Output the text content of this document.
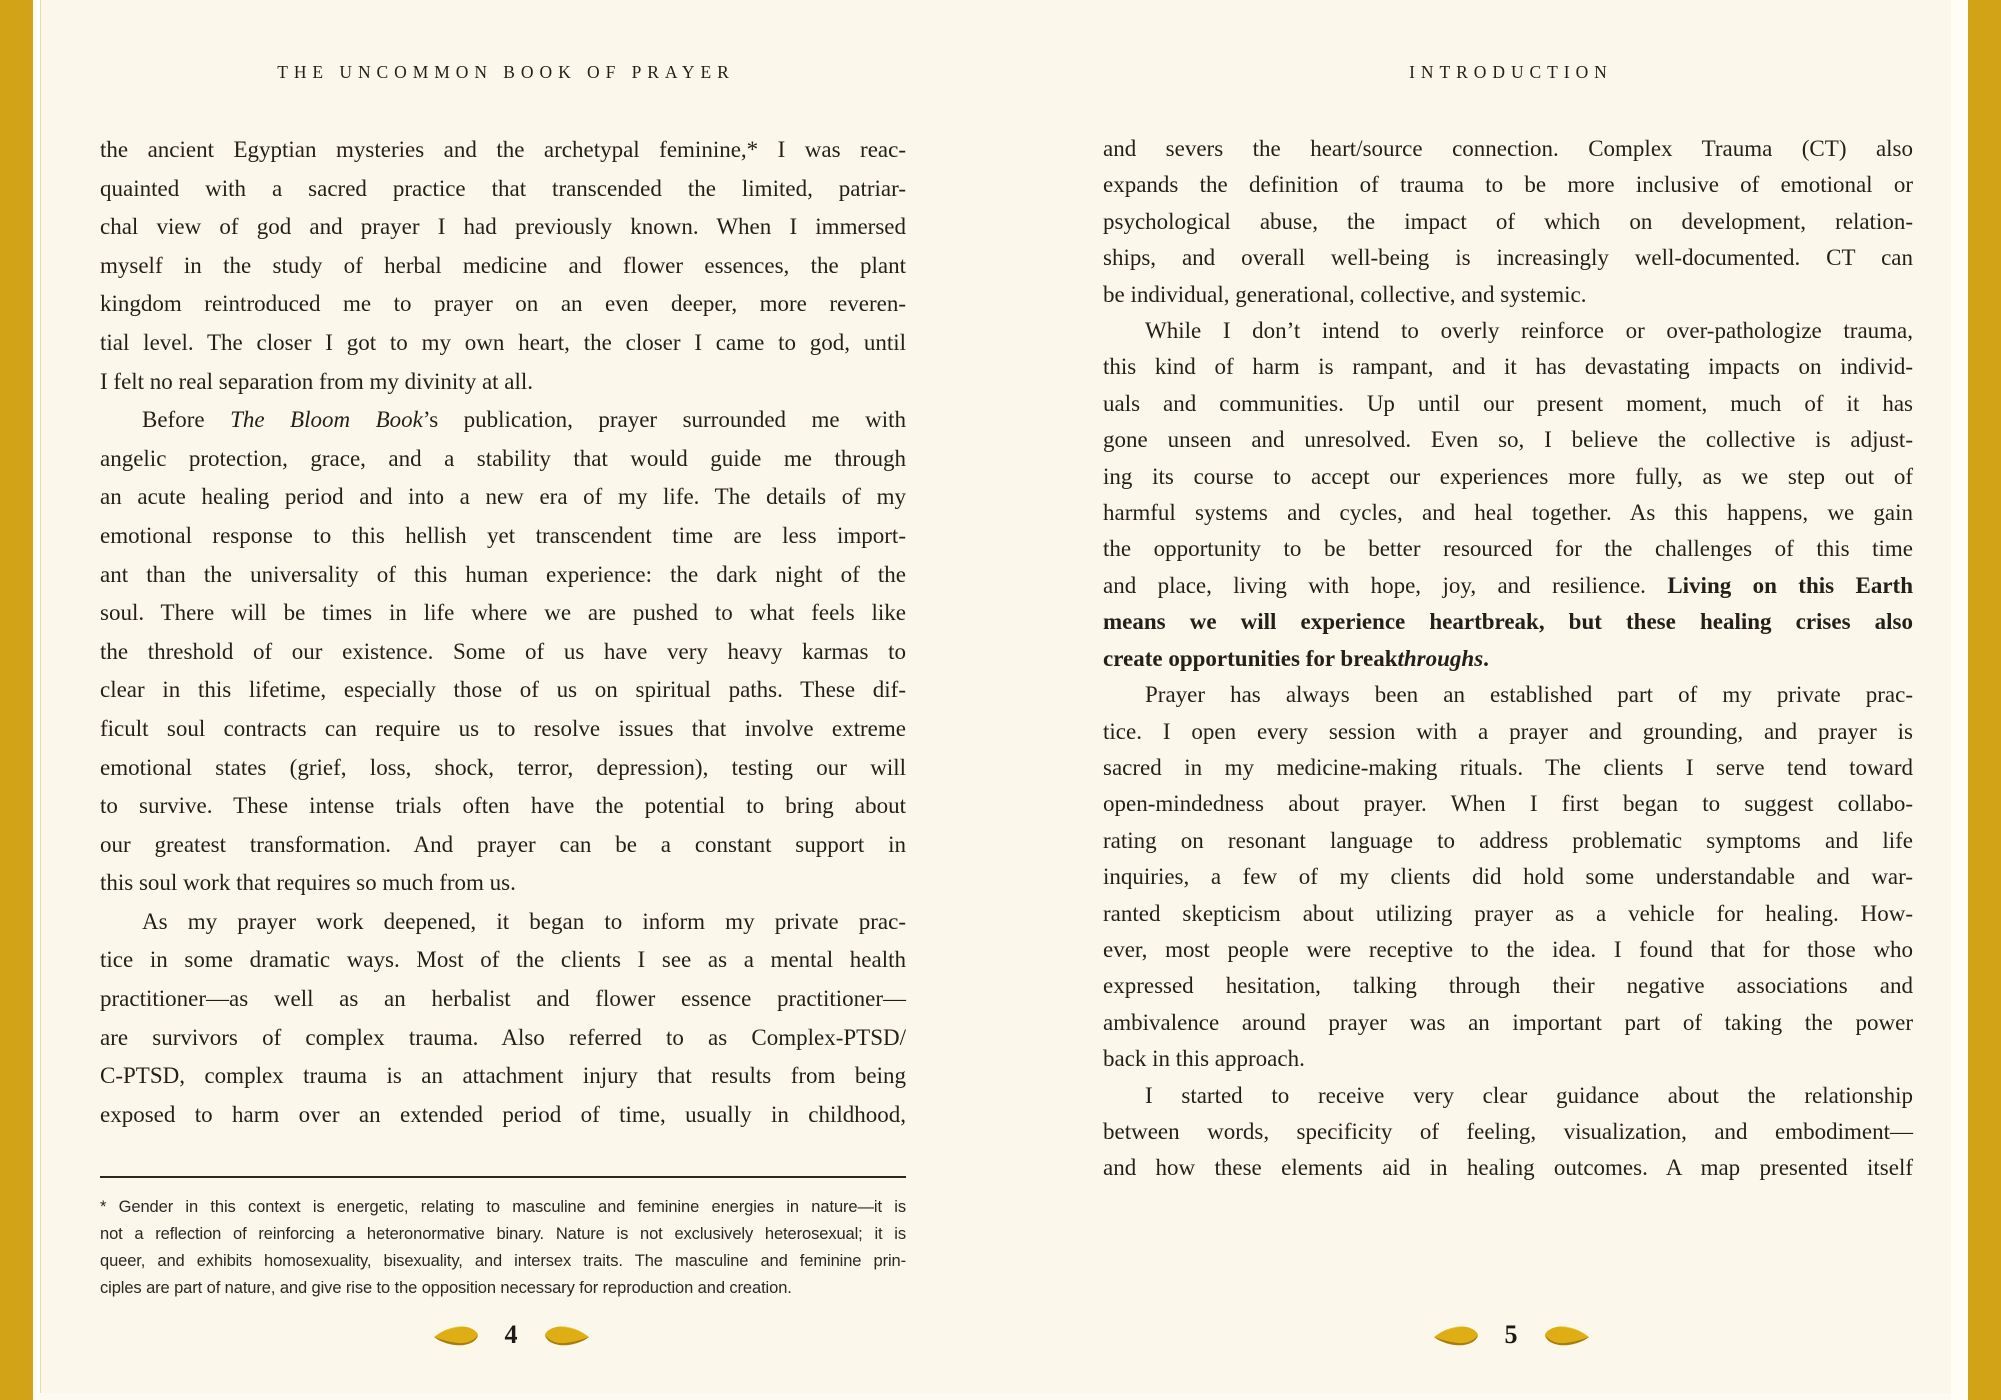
THE UNCOMMON BOOK OF PRAYER
the ancient Egyptian mysteries and the archetypal feminine,* I was reac-
quainted with a sacred practice that transcended the limited, patriar-
chal view of god and prayer I had previously known. When I immersed
myself in the study of herbal medicine and flower essences, the plant
kingdom reintroduced me to prayer on an even deeper, more reveren-
tial level. The closer I got to my own heart, the closer I came to god, until
I felt no real separation from my divinity at all.
Before The Bloom Book’s publication, prayer surrounded me with
angelic protection, grace, and a stability that would guide me through
an acute healing period and into a new era of my life. The details of my
emotional response to this hellish yet transcendent time are less import-
ant than the universality of this human experience: the dark night of the
soul. There will be times in life where we are pushed to what feels like
the threshold of our existence. Some of us have very heavy karmas to
clear in this lifetime, especially those of us on spiritual paths. These dif-
ficult soul contracts can require us to resolve issues that involve extreme
emotional states (grief, loss, shock, terror, depression), testing our will
to survive. These intense trials often have the potential to bring about
our greatest transformation. And prayer can be a constant support in
this soul work that requires so much from us.
As my prayer work deepened, it began to inform my private prac-
tice in some dramatic ways. Most of the clients I see as a mental health
practitioner—as well as an herbalist and flower essence practitioner—
are survivors of complex trauma. Also referred to as Complex-PTSD/
C-PTSD, complex trauma is an attachment injury that results from being
exposed to harm over an extended period of time, usually in childhood,
* Gender in this context is energetic, relating to masculine and feminine energies in nature—it is
not a reflection of reinforcing a heteronormative binary. Nature is not exclusively heterosexual; it is
queer, and exhibits homosexuality, bisexuality, and intersex traits. The masculine and feminine prin-
ciples are part of nature, and give rise to the opposition necessary for reproduction and creation.
4
INTRODUCTION
and severs the heart/source connection. Complex Trauma (CT) also
expands the definition of trauma to be more inclusive of emotional or
psychological abuse, the impact of which on development, relation-
ships, and overall well-being is increasingly well-documented. CT can
be individual, generational, collective, and systemic.
While I don’t intend to overly reinforce or over-pathologize trauma,
this kind of harm is rampant, and it has devastating impacts on individ-
uals and communities. Up until our present moment, much of it has
gone unseen and unresolved. Even so, I believe the collective is adjust-
ing its course to accept our experiences more fully, as we step out of
harmful systems and cycles, and heal together. As this happens, we gain
the opportunity to be better resourced for the challenges of this time
and place, living with hope, joy, and resilience. Living on this Earth
means we will experience heartbreak, but these healing crises also
create opportunities for breakthroughs.
Prayer has always been an established part of my private prac-
tice. I open every session with a prayer and grounding, and prayer is
sacred in my medicine-making rituals. The clients I serve tend toward
open-mindedness about prayer. When I first began to suggest collabo-
rating on resonant language to address problematic symptoms and life
inquiries, a few of my clients did hold some understandable and war-
ranted skepticism about utilizing prayer as a vehicle for healing. How-
ever, most people were receptive to the idea. I found that for those who
expressed hesitation, talking through their negative associations and
ambivalence around prayer was an important part of taking the power
back in this approach.
I started to receive very clear guidance about the relationship
between words, specificity of feeling, visualization, and embodiment—
and how these elements aid in healing outcomes. A map presented itself
5
